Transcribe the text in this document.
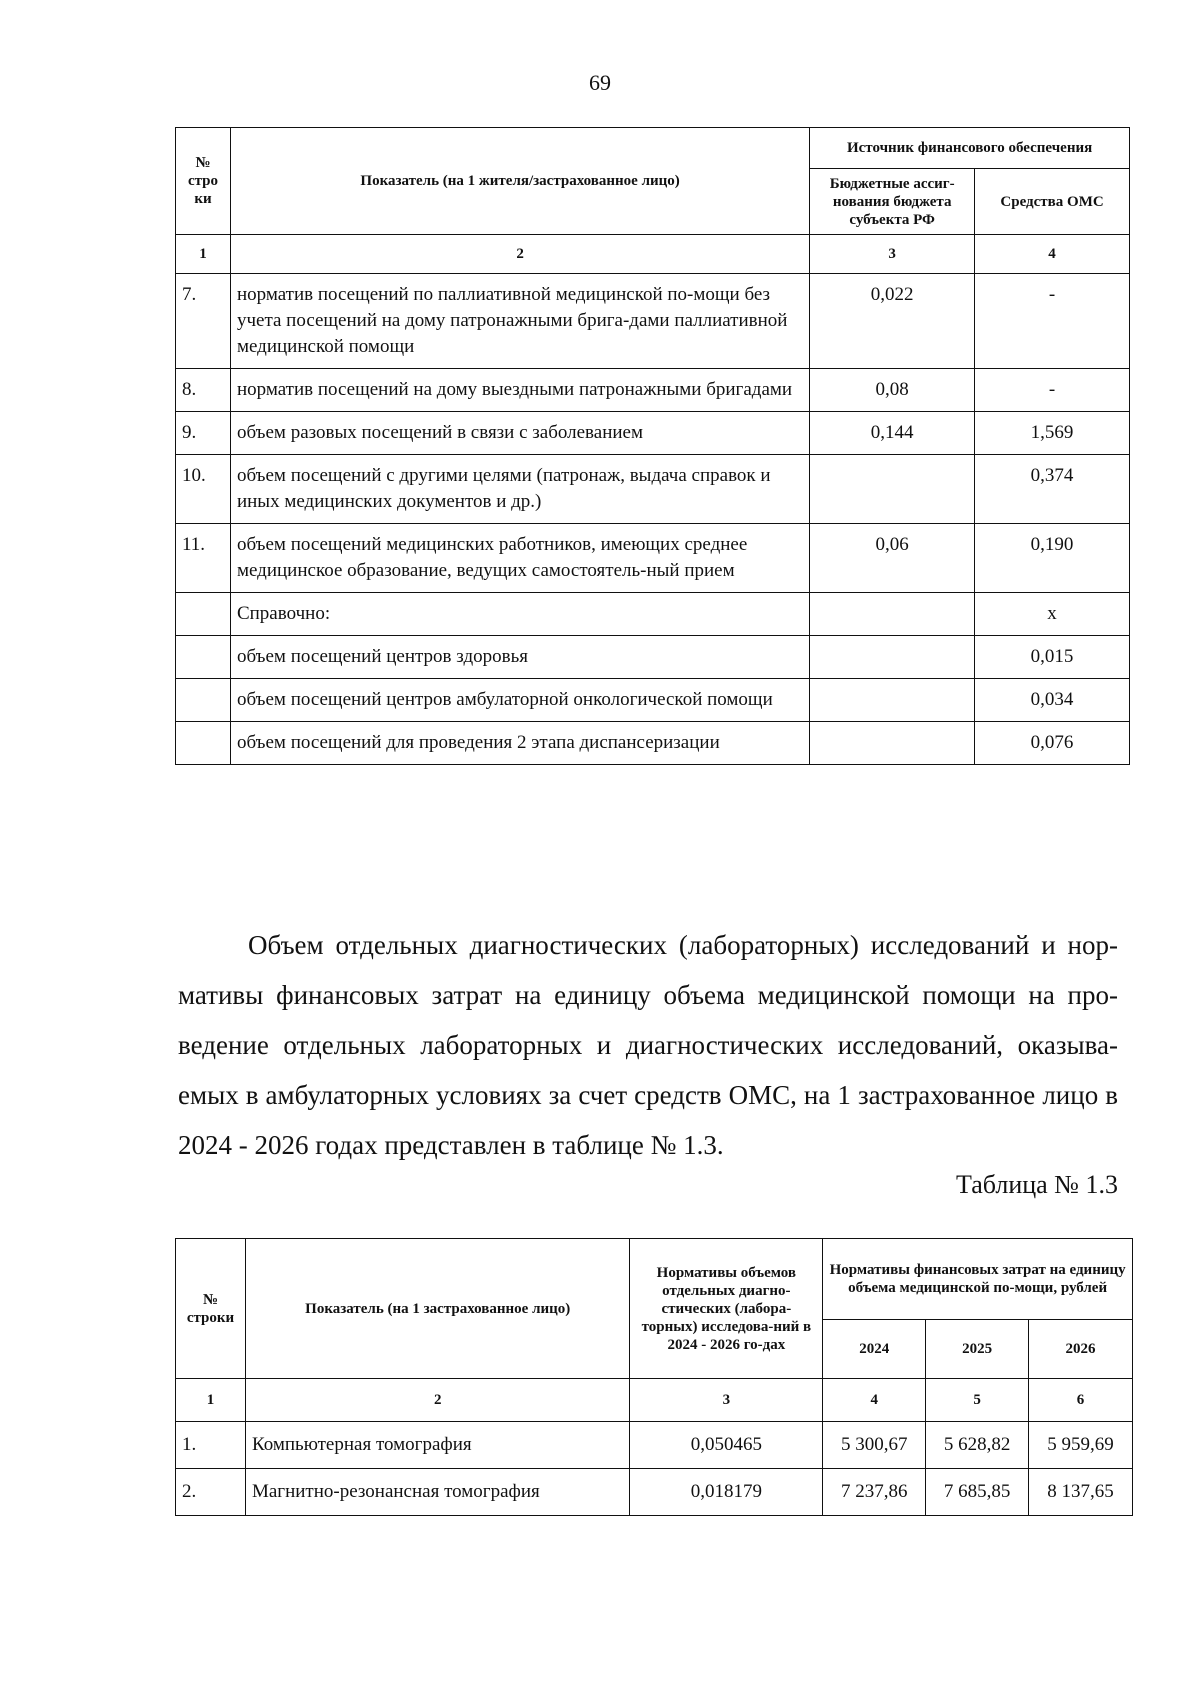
69
№ стро ки	Показатель (на 1 жителя/застрахованное лицо)	Источник финансового обеспечения	
		Бюджетные ассиг-нования бюджета субъекта РФ	Средства ОМС
1	2	3	4
7.	норматив посещений по паллиативной медицинской по-мощи без учета посещений на дому патронажными брига-дами паллиативной медицинской помощи	0,022	-
8.	норматив посещений на дому выездными патронажными бригадами	0,08	-
9.	объем разовых посещений в связи с заболеванием	0,144	1,569
10.	объем посещений с другими целями (патронаж, выдача справок и иных медицинских документов и др.)		0,374
11.	объем посещений медицинских работников, имеющих среднее медицинское образование, ведущих самостоятель-ный прием	0,06	0,190
	Справочно:		х
	объем посещений центров здоровья		0,015
	объем посещений центров амбулаторной онкологической помощи		0,034
	объем посещений для проведения 2 этапа диспансеризации		0,076

Объем отдельных диагностических (лабораторных) исследований и нор-мативы финансовых затрат на единицу объема медицинской помощи на про-ведение отдельных лабораторных и диагностических исследований, оказыва-емых в амбулаторных условиях за счет средств ОМС, на 1 застрахованное лицо в 2024 - 2026 годах представлен в таблице № 1.3.

Таблица № 1.3
№ строки	Показатель (на 1 застрахованное лицо)	Нормативы объемов отдельных диагно-стических (лабора-торных) исследова-ний в 2024 - 2026 го-дах	Нормативы финансовых затрат на единицу объема медицинской по-мощи, рублей		
			2024	2025	2026
1	2	3	4	5	6
1.	Компьютерная томография	0,050465	5 300,67	5 628,82	5 959,69
2.	Магнитно-резонансная томография	0,018179	7 237,86	7 685,85	8 137,65
